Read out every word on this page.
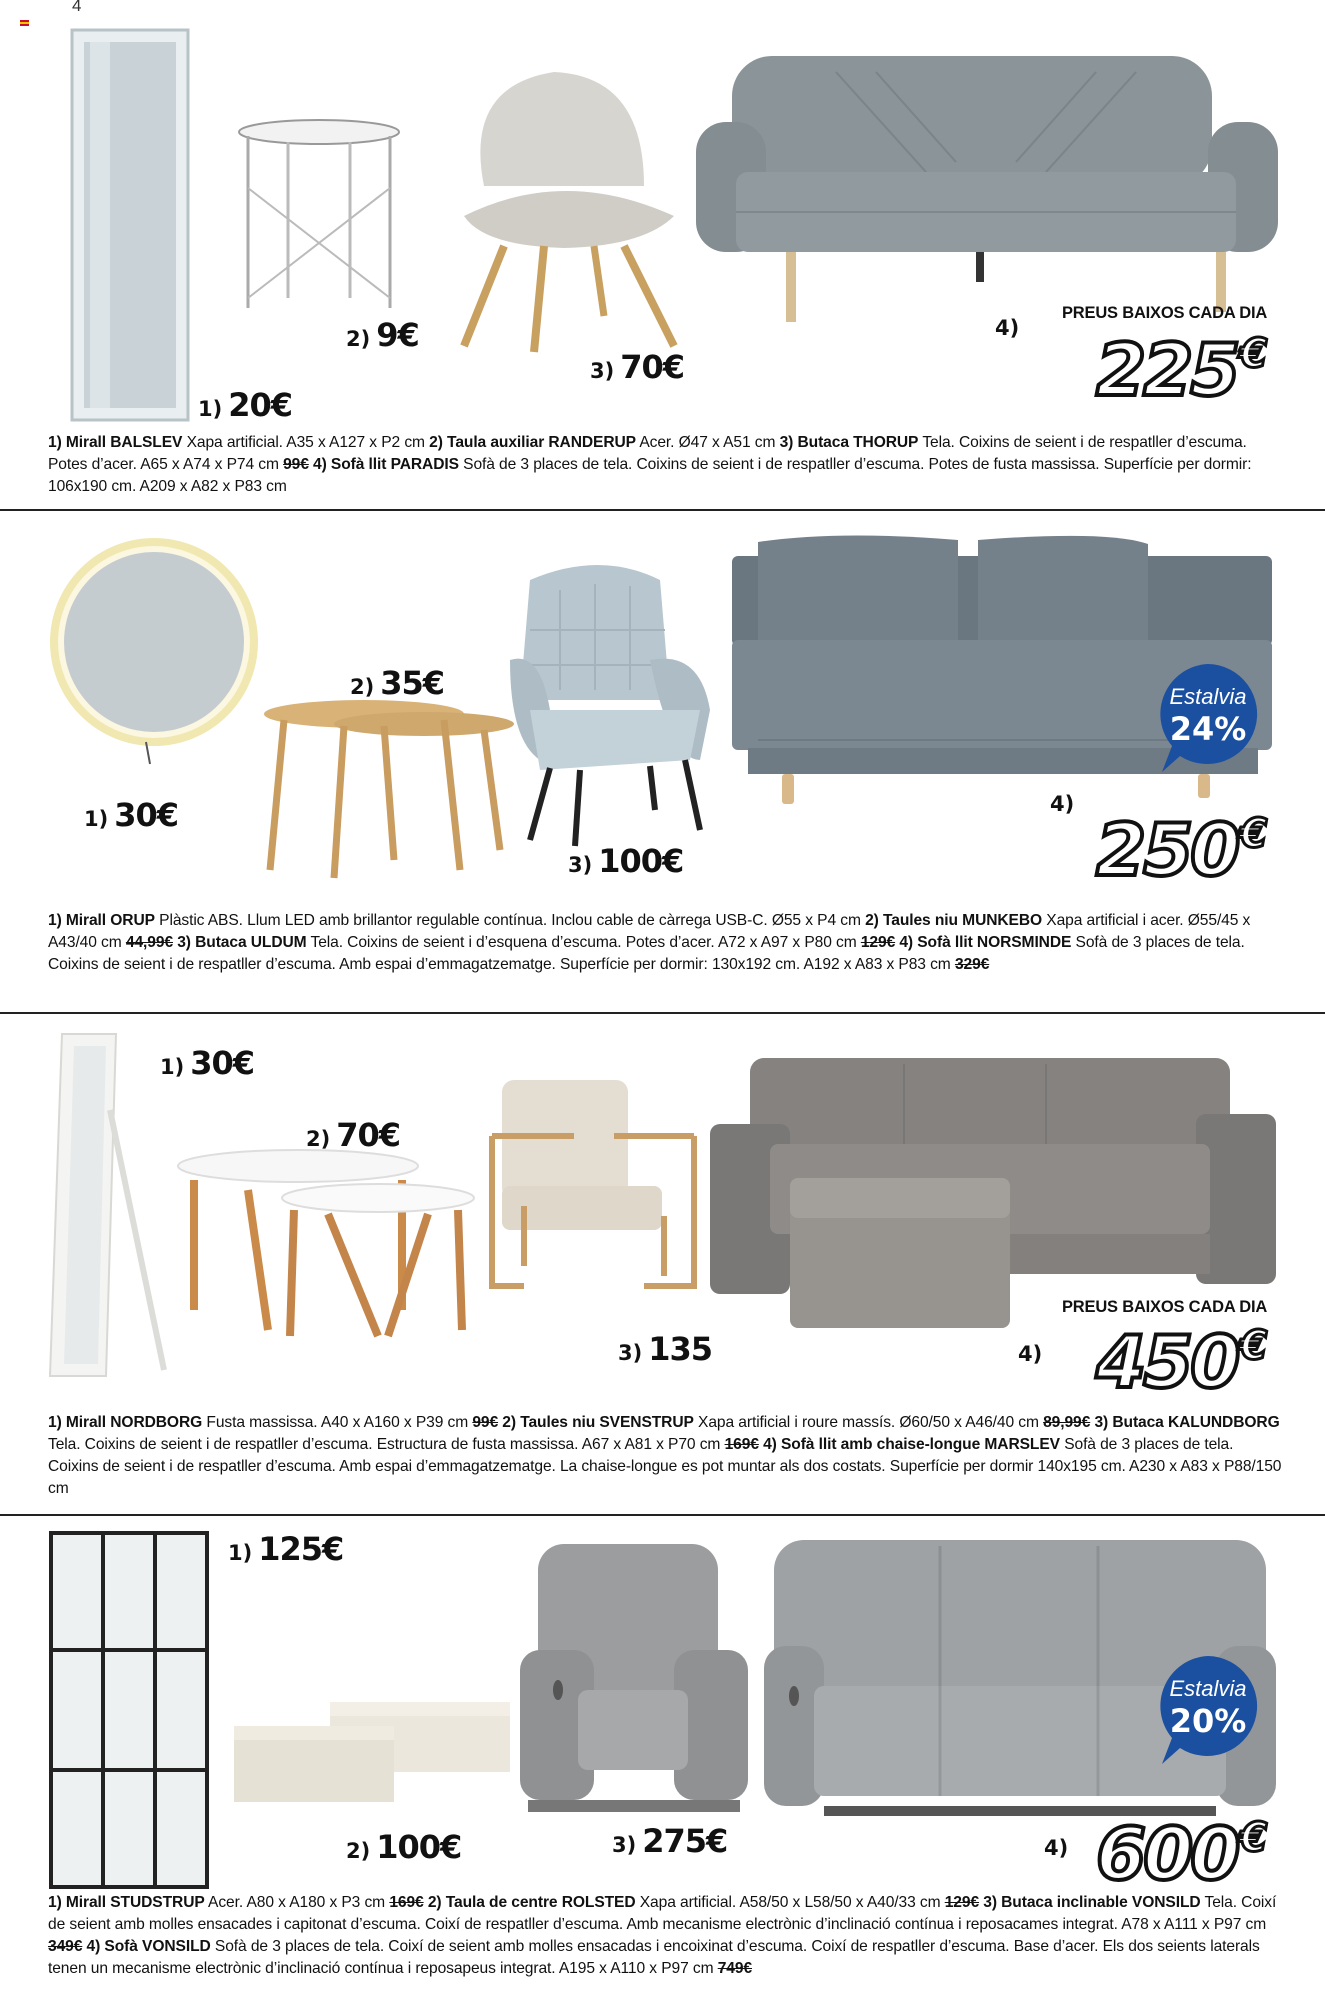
4
2) 9€
3) 70€
1) 20€
4)
PREUS BAIXOS CADA DIA
225€
1) Mirall BALSLEV Xapa artificial. A35 x A127 x P2 cm 2) Taula auxiliar RANDERUP Acer. Ø47 x A51 cm 3) Butaca THORUP Tela. Coixins de seient i de respatller d’escuma. Potes d’acer. A65 x A74 x P74 cm 99€ 4) Sofà llit PARADIS Sofà de 3 places de tela. Coixins de seient i de respatller d’escuma. Potes de fusta massissa. Superfície per dormir: 106x190 cm. A209 x A82 x P83 cm
Estalvia
24%
2) 35€
1) 30€
3) 100€
4)
250€
1) Mirall ORUP Plàstic ABS. Llum LED amb brillantor regulable contínua. Inclou cable de càrrega USB-C. Ø55 x P4 cm 2) Taules niu MUNKEBO Xapa artificial i acer. Ø55/45 x A43/40 cm 44,99€ 3) Butaca ULDUM Tela. Coixins de seient i d’esquena d’escuma. Potes d’acer. A72 x A97 x P80 cm 129€ 4) Sofà llit NORSMINDE Sofà de 3 places de tela. Coixins de seient i de respatller d’escuma. Amb espai d’emmagatzematge. Superfície per dormir: 130x192 cm. A192 x A83 x P83 cm 329€
1) 30€
2) 70€
3) 135	4)
PREUS BAIXOS CADA DIA
450€
1) Mirall NORDBORG Fusta massissa. A40 x A160 x P39 cm 99€ 2) Taules niu SVENSTRUP Xapa artificial i roure massís. Ø60/50 x A46/40 cm 89,99€ 3) Butaca KALUNDBORG Tela. Coixins de seient i de respatller d’escuma. Estructura de fusta massissa. A67 x A81 x P70 cm 169€ 4) Sofà llit amb chaise-longue MARSLEV Sofà de 3 places de tela. Coixins de seient i de respatller d’escuma. Amb espai d’emmagatzematge. La chaise-longue es pot muntar als dos costats. Superfície per dormir 140x195 cm. A230 x A83 x P88/150 cm
Estalvia
20%
1) 125€
2) 100€	3) 275€	4) 600€
1) Mirall STUDSTRUP Acer. A80 x A180 x P3 cm 169€ 2) Taula de centre ROLSTED Xapa artificial. A58/50 x L58/50 x A40/33 cm 129€ 3) Butaca inclinable VONSILD Tela. Coixí de seient amb molles ensacades i capitonat d’escuma. Coixí de respatller d’escuma. Amb mecanisme electrònic d’inclinació contínua i reposacames integrat. A78 x A111 x P97 cm 349€ 4) Sofà VONSILD Sofà de 3 places de tela. Coixí de seient amb molles ensacadas i encoixinat d’escuma. Coixí de respatller d’escuma. Base d’acer. Els dos seients laterals tenen un mecanisme electrònic d’inclinació contínua i reposapeus integrat. A195 x A110 x P97 cm 749€
